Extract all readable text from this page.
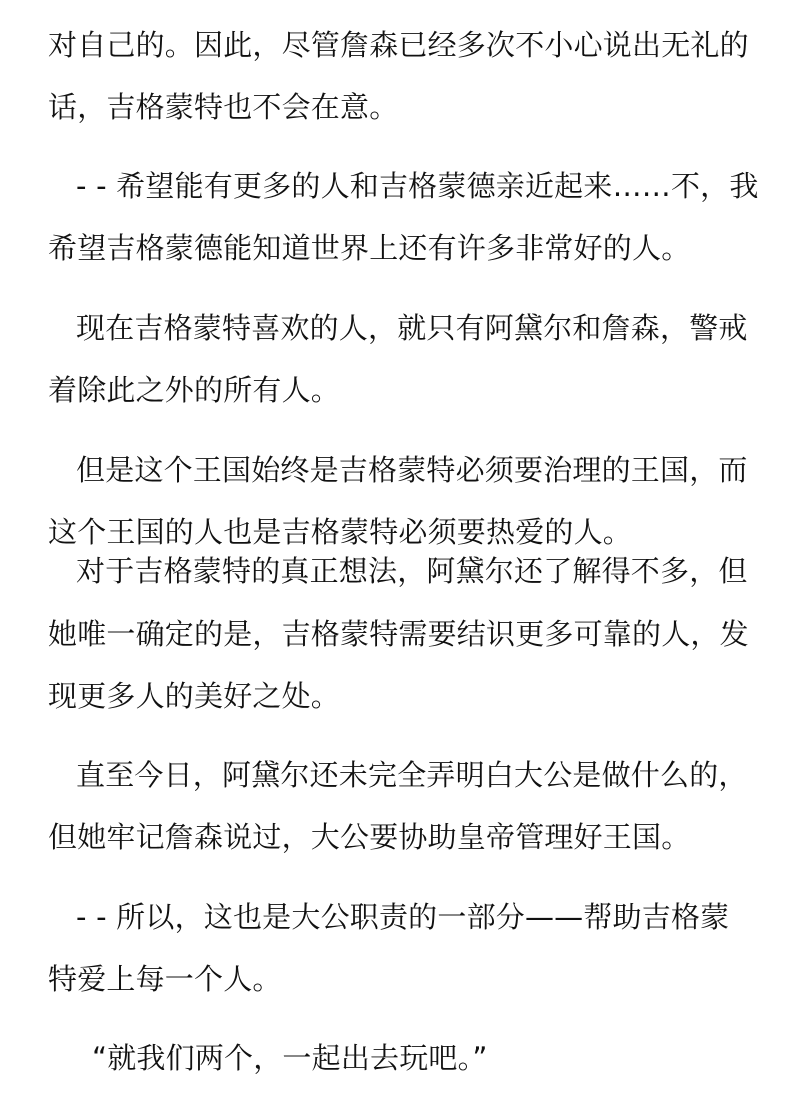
对自己的。因此，尽管詹森已经多次不小心说出无礼的
话，吉格蒙特也不会在意。
- - 希望能有更多的人和吉格蒙德亲近起来……不，我
希望吉格蒙德能知道世界上还有许多非常好的人。
现在吉格蒙特喜欢的人，就只有阿黛尔和詹森，警戒
着除此之外的所有人。
但是这个王国始终是吉格蒙特必须要治理的王国，而
这个王国的人也是吉格蒙特必须要热爱的人。
对于吉格蒙特的真正想法，阿黛尔还了解得不多，但
她唯一确定的是，吉格蒙特需要结识更多可靠的人，发
现更多人的美好之处。
直至今日，阿黛尔还未完全弄明白大公是做什么的，
但她牢记詹森说过，大公要协助皇帝管理好王国。
- - 所以，这也是大公职责的一部分——帮助吉格蒙
特爱上每一个人。
“就我们两个，一起出去玩吧。”
